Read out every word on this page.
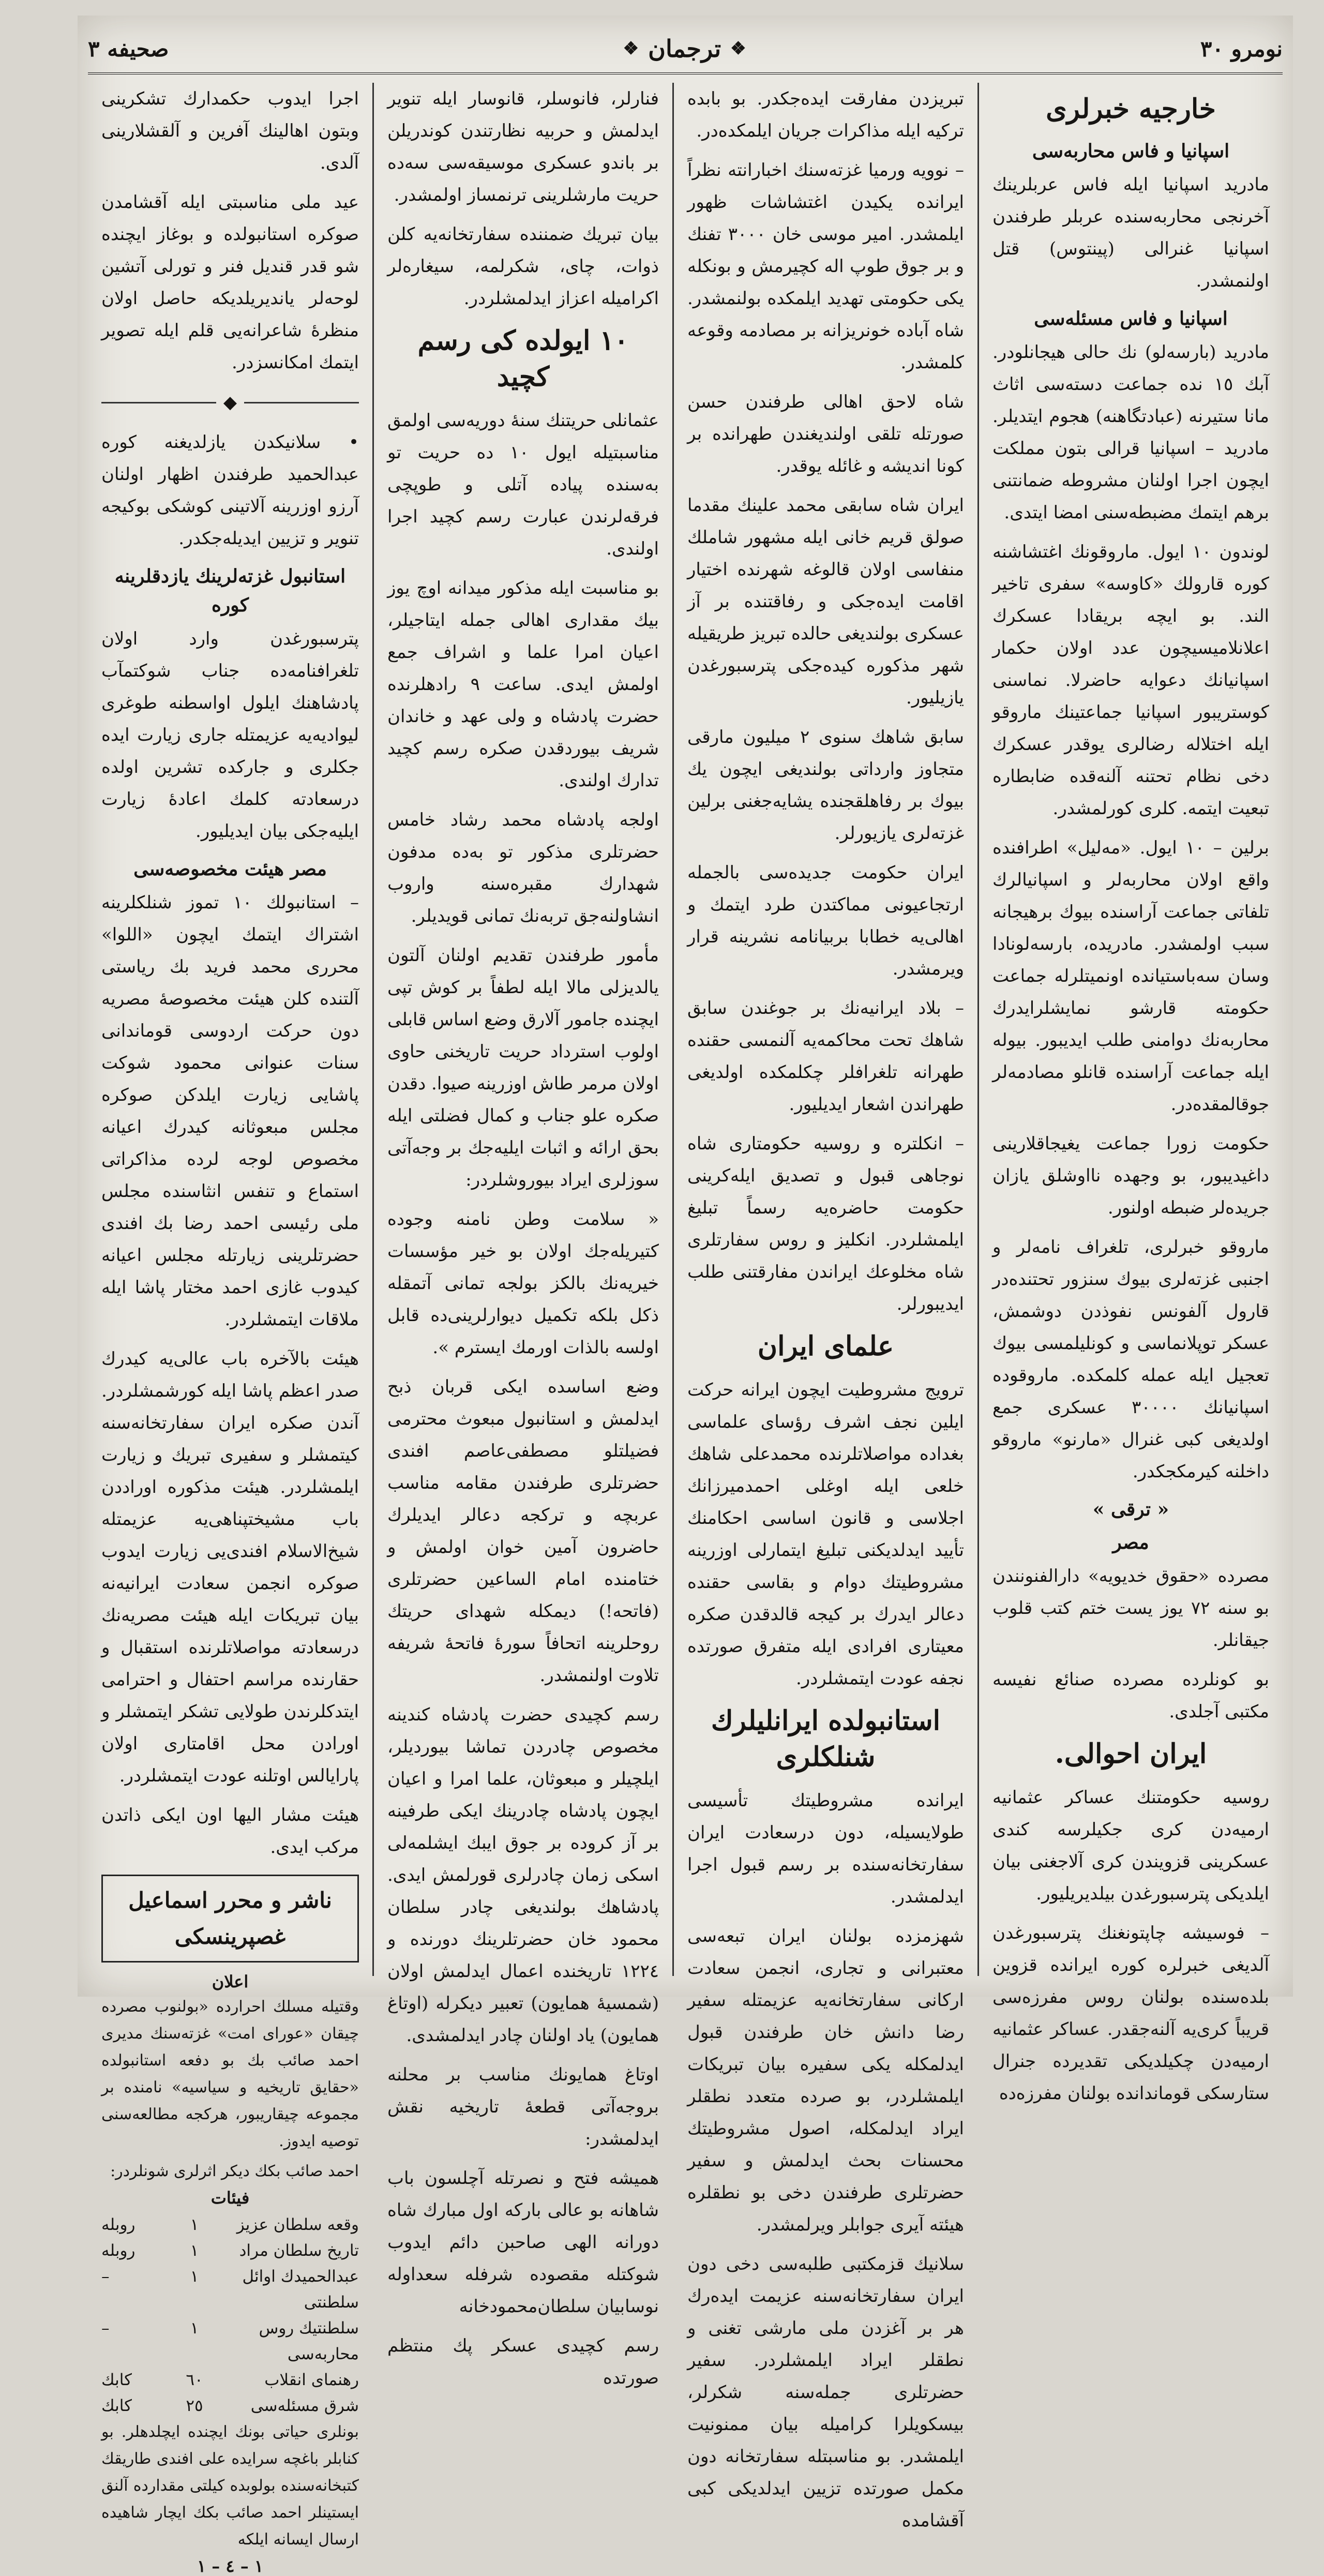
نومرو ٣٠
❖
ترجمان
❖
صحیفه ٣
خارجیه خبرلری
اسپانیا و فاس محاربه‌سی

مادرید اسپانیا ایله فاس عربلرینك آخرنجی محاربه‌سنده عربلر طرفندن اسپانیا غنرالی (پینتوس) قتل اولنمشدر.

اسپانیا و فاس مسئله‌سی

مادرید (بارسه‌لو) نك حالی هیجانلودر. آبك ١٥ نده جماعت دسته‌سی اثاث مانا ستیرنه (عبادتگاهنه) هجوم ایتدیلر. مادرید – اسپانیا قرالی بتون مملکت ایچون اجرا اولنان مشروطه ضمانتنی برهم ایتمك مضبطه‌سنی امضا ایتدی.

لوندون ١٠ ایول. ماروقونك اغتشاشنه کوره قارولك «کاوسه» سفری تاخیر الند. بو ایچه بریقادا عسکرك اعلانلامیسیچون عدد اولان حکمار اسپانیانك دعوایه حاضرلا. نماسنی کوستریبور اسپانیا جماعتینك ماروقو ایله اختلاله رضالری یوقدر عسکرك دخی نظام تحتنه آلنه‌قده ضابطاره تبعیت ایتمه. کلری کورلمشدر.

برلین – ١٠ ایول. «مه‌لیل» اطرافنده واقع اولان محاربه‌لر و اسپانیالرك تلفاتی جماعت آراسنده بیوك برهیجانه سبب اولمشدر. مادریده، بارسه‌لونادا وسان سه‌باستیانده اونمیتلرله جماعت حکومته قارشو نمایشلرایدرك محاربه‌نك دوامنی طلب ایدیبور. بیوله ایله جماعت آراسنده قانلو مصادمه‌لر جوقالمقده‌در.

حکومت زورا جماعت یغیجاقلارینی داغیدیبور، بو وجهده نااوشلق یازان جریده‌لر ضبطه اولنور.

ماروقو خبرلری، تلغراف نامه‌لر و اجنبی غزته‌لری بیوك سنزور تحتنده‌در قارول آلفونس نفوذدن دوشمش، عسکر توپلانماسی و کونلیلمسی بیوك تعجیل ایله عمله کلمکده. ماروقوده اسپانیانك ٣٠٠٠٠ عسکری جمع اولدیغی کبی غنرال «مارنو» ماروقو داخلنه کیرمکجکدر.

« ترقی »
مصر

مصرده «حقوق خدیویه» دارالفنونندن بو سنه ٧٢ یوز یست ختم کتب قلوب جیقانلر.

بو کونلرده مصرده صنائع نفیسه مکتبی آجلدی.

ایران احوالی.

روسیه حکومتنك عساکر عثمانیه ارمیه‌دن کری جکیلرسه کندی عسکرینی قزویندن کری آلاجغنی بیان ایلدیکی پترسبورغدن بیلدیریلیور.

– فوسیشه چاپتونغنك پترسبورغدن آلدیغی خبرلره کوره ایرانده قزوین بلده‌سنده بولنان روس مفرزه‌سی قریباً کری‌یه آلنه‌جقدر. عساکر عثمانیه ارمیه‌دن چکیلدیکی تقدیرده جنرال ستارسکی قوماندانده بولنان مفرزه‌ده

تبریزدن مفارقت ایده‌جکدر. بو بابده ترکیه ایله مذاکرات جریان ایلمکده‌در.

– نوو‌یه ورمیا غزته‌سنك اخبارانته نظراً ایرانده یکیدن اغتشاشات ظهور ایلمشدر. امیر موسی خان ٣٠٠٠ تفنك و بر جوق طوپ اله کچیرمش و بونکله یکی حکومتی تهدید ایلمکده بولنمشدر. شاه آباده خونریزانه بر مصادمه وقوعه کلمشدر.

شاه لاحق اهالی طرفندن حسن صورتله تلقی اولندیغندن طهرانده بر کونا اندیشه و غائله یوقدر.

ایران شاه سابقی محمد علینك مقدما صولق قریم خانی ایله مشهور شاملك منفاسی اولان قالوغه شهرنده اختیار اقامت ایده‌جکی و رفاقتنده بر آز عسکری بولندیغی حالده تبریز طریقیله شهر مذکوره کیده‌جکی پترسبورغدن یازیلیور.

سابق شاهك سنوی ٢ میلیون مارقی متجاوز وارداتی بولندیغی ایچون یك بیوك بر رفاهلقجنده یشایه‌جغنی برلین غزته‌لری یازیورلر.

ایران حکومت جدیده‌سی بالجمله ارتجاعیونی مماکتدن طرد ایتمك و اهالی‌یه خطابا بربیانامه نشرینه قرار ویرمشدر.

– بلاد ایرانیه‌نك بر جوغندن سابق شاهك تحت محاکمه‌یه آلنمسی حقنده طهرانه تلغرافلر چکلمکده اولدیغی طهراندن اشعار ایدیلیور.

– انکلتره و روسیه حکومتاری شاه نوجاهی قبول و تصدیق ایله‌کرینی حکومت حاضره‌یه رسماً تبلیغ ایلمشلردر. انکلیز و روس سفارتلری شاه مخلوعك ایراندن مفارقتنی طلب ایدیبورلر.

علمای ایران

ترویج مشروطیت ایچون ایرانه حرکت ایلین نجف اشرف رؤسای علماسی بغداده مواصلاتلرنده محمدعلی شاهك خلعی ایله اوغلی احمدمیرزانك اجلاسی و قانون اساسی احکامنك تأیید ایدلدیکنی تبلیغ ایتمارلی اوزرینه مشروطیتك دوام و بقاسی حقنده دعالر ایدرك بر کیجه قالدقدن صکره معیتاری افرادی ایله متفرق صورتده نجفه عودت ایتمشلردر.

استانبولده ایرانلیلرك شنلکلری

ایرانده مشروطیتك تأسیسی طولایسیله، دون درسعادت ایران سفارتخانه‌سنده بر رسم قبول اجرا ایدلمشدر.

شهزمزده بولنان ایران تبعه‌سی معتبرانی و تجاری، انجمن سعادت ارکانی سفارتخانه‌یه عزیمتله سفیر رضا دانش خان طرفندن قبول ایدلمکله یکی سفیره بیان تبریکات ایلمشلردر، بو صرده متعدد نطقلر ایراد ایدلمکله، اصول مشروطیتك محسنات بحث ایدلمش و سفیر حضرتلری طرفندن دخی بو نطقلره هیئته آیری جوابلر ویرلمشدر.

سلانیك قزمکتبی طلبه‌سی دخی دون ایران سفارتخانه‌سنه عزیمت ایده‌رك هر بر آغزدن ملی مارشی تغنی و نطقلر ایراد ایلمشلردر. سفیر حضرتلری جمله‌سنه شکرلر، بیسکویلرا کرامیله بیان ممنونیت ایلمشدر. بو مناسبتله سفارتخانه دون مکمل صورتده تزیین ایدلدیکی کبی آقشامده

فنارلر، فانوسلر، قانوسار ایله تنویر ایدلمش و حربیه نظارتندن کوندریلن بر باندو عسکری موسیقه‌سی سه‌ده حریت مارشلرینی ترنمساز اولمشدر.

بیان تبریك ضمننده سفارتخانه‌یه کلن ذوات، چای، شکرلمه، سیغاره‌لر اکرامیله اعزاز ایدلمشلردر.

١٠ ایولده کی رسم کچید

عثمانلی حریتنك سنهٔ دوریه‌سی اولمق مناسبتیله ایول ١٠ ده حریت تو به‌سنده پیاده آتلی و طوپچی فرقه‌لرندن عبارت رسم کچید اجرا اولندی.

بو مناسبت ایله مذکور میدانه اوچ یوز بیك مقداری اهالی جمله ایتاجیلر، اعیان امرا علما و اشراف جمع اولمش ایدی. ساعت ٩ رادهلرنده حضرت پادشاه و ولی عهد و خاندان شریف بیوردقدن صکره رسم کچید تدارك اولندی.

اولجه پادشاه محمد رشاد خامس حضرتلری مذکور تو به‌ده مدفون شهدارك مقبره‌سنه واروب انشاولنه‌جق تربه‌نك تمانی قویدیلر.

مأمور طرفندن تقدیم اولنان آلتون یالدیزلی مالا ایله لطفاً بر کوش تپی ایچنده جامور آلارق وضع اساس قابلی اولوب استرداد حریت تاریخنی حاوی اولان مرمر طاش اوزرینه صیوا. دقدن صکره علو جناب و کمال فضلتی ایله بحق ارائه و اثبات ایلیه‌جك بر وجه‌آتی سوزلری ایراد بیوروشلردر:

« سلامت وطن نامنه وجوده کتیریله‌جك اولان بو خیر مؤسسات خیریه‌نك بالکز بولجه تمانی آتمقله ذکل بلکه تکمیل دیوارلرینی‌ده قابل اولسه بالذات اورمك ایسترم ».

وضع اساسده ایکی قربان ذبح ایدلمش و استانبول مبعوث محترمی فضیلتلو مصطفی‌عاصم افندی حضرتلری طرفندن مقامه مناسب عربچه و ترکجه دعالر ایدیلرك حاضرون آمین خوان اولمش و ختامنده امام الساعین حضرتلری (فاتحه!) دیمکله شهدای حریتك روحلرینه اتحافاً سورهٔ فاتحهٔ شریفه تلاوت اولنمشدر.

رسم کچیدی حضرت پادشاه کندینه مخصوص چادردن تماشا بیوردیلر، ایلچیلر و مبعوثان، علما امرا و اعیان ایچون پادشاه چادرینك ایکی طرفینه بر آز کروده بر جوق ایبك ایشلمه‌لی اسکی زمان چادرلری قورلمش ایدی. پادشاهك بولندیغی چادر سلطان محمود خان حضرتلرینك دورنده و ١٢٢٤ تاریخنده اعمال ایدلمش اولان (شمسیهٔ همایون) تعبیر دیکرله (اوتاغ همایون) یاد اولنان چادر ایدلمشدی.

اوتاغ همایونك مناسب بر محلنه بروجه‌آتی قطعهٔ تاریخیه نقش ایدلمشدر:

همیشه فتح و نصرتله آچلسون باب شاهانه بو عالی بارکه اول مبارك شاه دورانه الهی صاحبن دائم ایدوب شوکتله مقصوده شرفله سعداوله نوسابیان سلطان‌محمودخانه

رسم کچیدی عسکر پك منتظم صورتده

اجرا ایدوب حکمدارك تشکرینی وبتون اهالینك آفرین و آلقشلارینی آلدی.

عید ملی مناسبتی ایله آقشامدن صوکره استانبولده و بوغاز ایچنده شو قدر قندیل فنر و تورلی آتشین لوحه‌لر یاندیریلدیکه حاصل اولان منظرهٔ شاعرانه‌یی قلم ایله تصویر ایتمك امکانسزدر.

◆

• سلانیکدن یازلدیغنه کوره عبدالحمید طرفندن اظهار اولنان آرزو اوزرینه آلاتینی کوشکی بوکیجه تنویر و تزیین ایدیله‌جکدر.

استانبول غزته‌لرینك یازدقلرینه کوره

پترسبورغدن وارد اولان تلغرافنامه‌ده جناب شوکتمآب پادشاهنك ایلول اواسطنه طوغری لیوادیه‌یه عزیمتله جاری زیارت ایده جکلری و جارکده تشرین اولده درسعادته کلمك اعادهٔ زیارت ایلیه‌جکی بیان ایدیلیور.

مصر هیئت مخصوصه‌سی

– استانبولك ١٠ تموز شنلکلرینه اشتراك ایتمك ایچون «اللوا» محرری محمد فرید بك ریاستی آلتنده کلن هیئت مخصوصهٔ مصریه دون حرکت اردوسی قوماندانی سنات عنوانی محمود شوکت پاشایی زیارت ایلدکن صوکره مجلس مبعوثانه کیدرك اعیانه مخصوص لوجه لرده مذاکراتی استماع و تنفس انثاسنده مجلس ملی رئیسی احمد رضا بك افندی حضرتلرینی زیارتله مجلس اعیانه کیدوب غازی احمد مختار پاشا ایله ملاقات ایتمشلردر.

هیئت بالآخره باب عالی‌یه کیدرك صدر اعظم پاشا ایله کورشمشلردر. آندن صکره ایران سفارتخانه‌سنه کیتمشلر و سفیری تبریك و زیارت ایلمشلردر. هیئت مذکوره اوراددن باب مشیختپناهی‌یه عزیمتله شیخ‌الاسلام افندی‌یی زیارت ایدوب صوکره انجمن سعادت ایرانیه‌نه بیان تبریکات ایله هیئت مصریه‌نك درسعادته مواصلاتلرنده استقبال و حقارنده مراسم احتفال و احترامی ایتدکلرندن طولایی تشکر ایتمشلر و اورادن محل اقامتاری اولان پارایالس اوتلنه عودت ایتمشلردر.

هیئت مشار الیها اون ایکی ذاتدن مرکب ایدی.

ناشر و محرر اسماعیل غصپرینسکی
اعلان

وقتیله مسلك احرارده «بولنوب مصرده چیقان «عورای امت» غزته‌سنك مدیری احمد صائب بك بو دفعه استانبولده «حقایق تاریخیه و سیاسیه» نامنده بر مجموعه چیقاریبور، هرکجه مطالعه‌سنی توصیه ایدوز.

احمد صائب بکك دیکر اثرلری شونلردر:

فیئات
وقعه سلطان عزیز
١
روبله
تاریخ سلطان مراد
١
روبله
عبدالحمیدك اوائل سلطنتی
١
–
سلطنتیك روس محاربه‌سی
١
–
رهنمای انقلاب
٦٠
کابك
شرق مسئله‌سی
٢٥
کابك

بونلری حیاتی بونك ایچنده ایچلدهلر. بو کنابلر باغچه سرایده علی افندی طاریقك کتبخانه‌سنده بولوبده کیلتی مقدارده آلنق ایستینلر احمد صائب بکك ایچار شاهیده ارسال ایسانه ایلکه

١ – ٤ – ١
